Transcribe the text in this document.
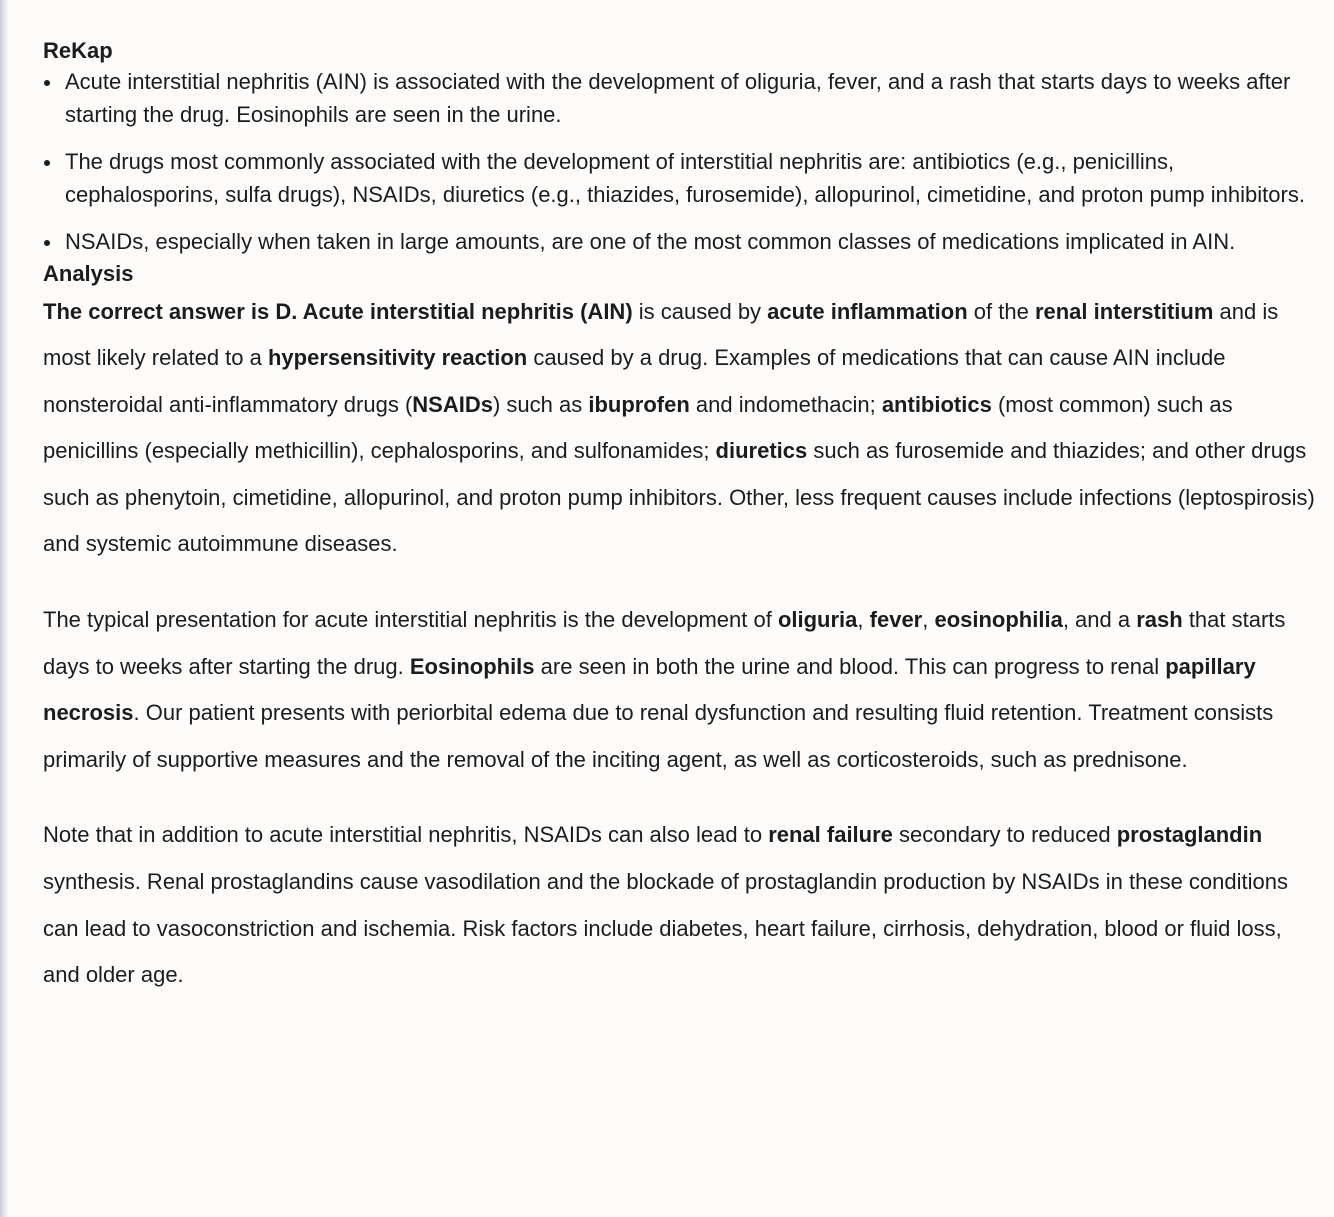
ReKap
Acute interstitial nephritis (AIN) is associated with the development of oliguria, fever, and a rash that starts days to weeks after starting the drug. Eosinophils are seen in the urine.
The drugs most commonly associated with the development of interstitial nephritis are: antibiotics (e.g., penicillins, cephalosporins, sulfa drugs), NSAIDs, diuretics (e.g., thiazides, furosemide), allopurinol, cimetidine, and proton pump inhibitors.
NSAIDs, especially when taken in large amounts, are one of the most common classes of medications implicated in AIN.
Analysis

The correct answer is D. Acute interstitial nephritis (AIN) is caused by acute inflammation of the renal interstitium and is most likely related to a hypersensitivity reaction caused by a drug. Examples of medications that can cause AIN include nonsteroidal anti-inflammatory drugs (NSAIDs) such as ibuprofen and indomethacin; antibiotics (most common) such as penicillins (especially methicillin), cephalosporins, and sulfonamides; diuretics such as furosemide and thiazides; and other drugs such as phenytoin, cimetidine, allopurinol, and proton pump inhibitors. Other, less frequent causes include infections (leptospirosis) and systemic autoimmune diseases.

The typical presentation for acute interstitial nephritis is the development of oliguria, fever, eosinophilia, and a rash that starts days to weeks after starting the drug. Eosinophils are seen in both the urine and blood. This can progress to renal papillary necrosis. Our patient presents with periorbital edema due to renal dysfunction and resulting fluid retention. Treatment consists primarily of supportive measures and the removal of the inciting agent, as well as corticosteroids, such as prednisone.

Note that in addition to acute interstitial nephritis, NSAIDs can also lead to renal failure secondary to reduced prostaglandin synthesis. Renal prostaglandins cause vasodilation and the blockade of prostaglandin production by NSAIDs in these conditions can lead to vasoconstriction and ischemia. Risk factors include diabetes, heart failure, cirrhosis, dehydration, blood or fluid loss, and older age.
